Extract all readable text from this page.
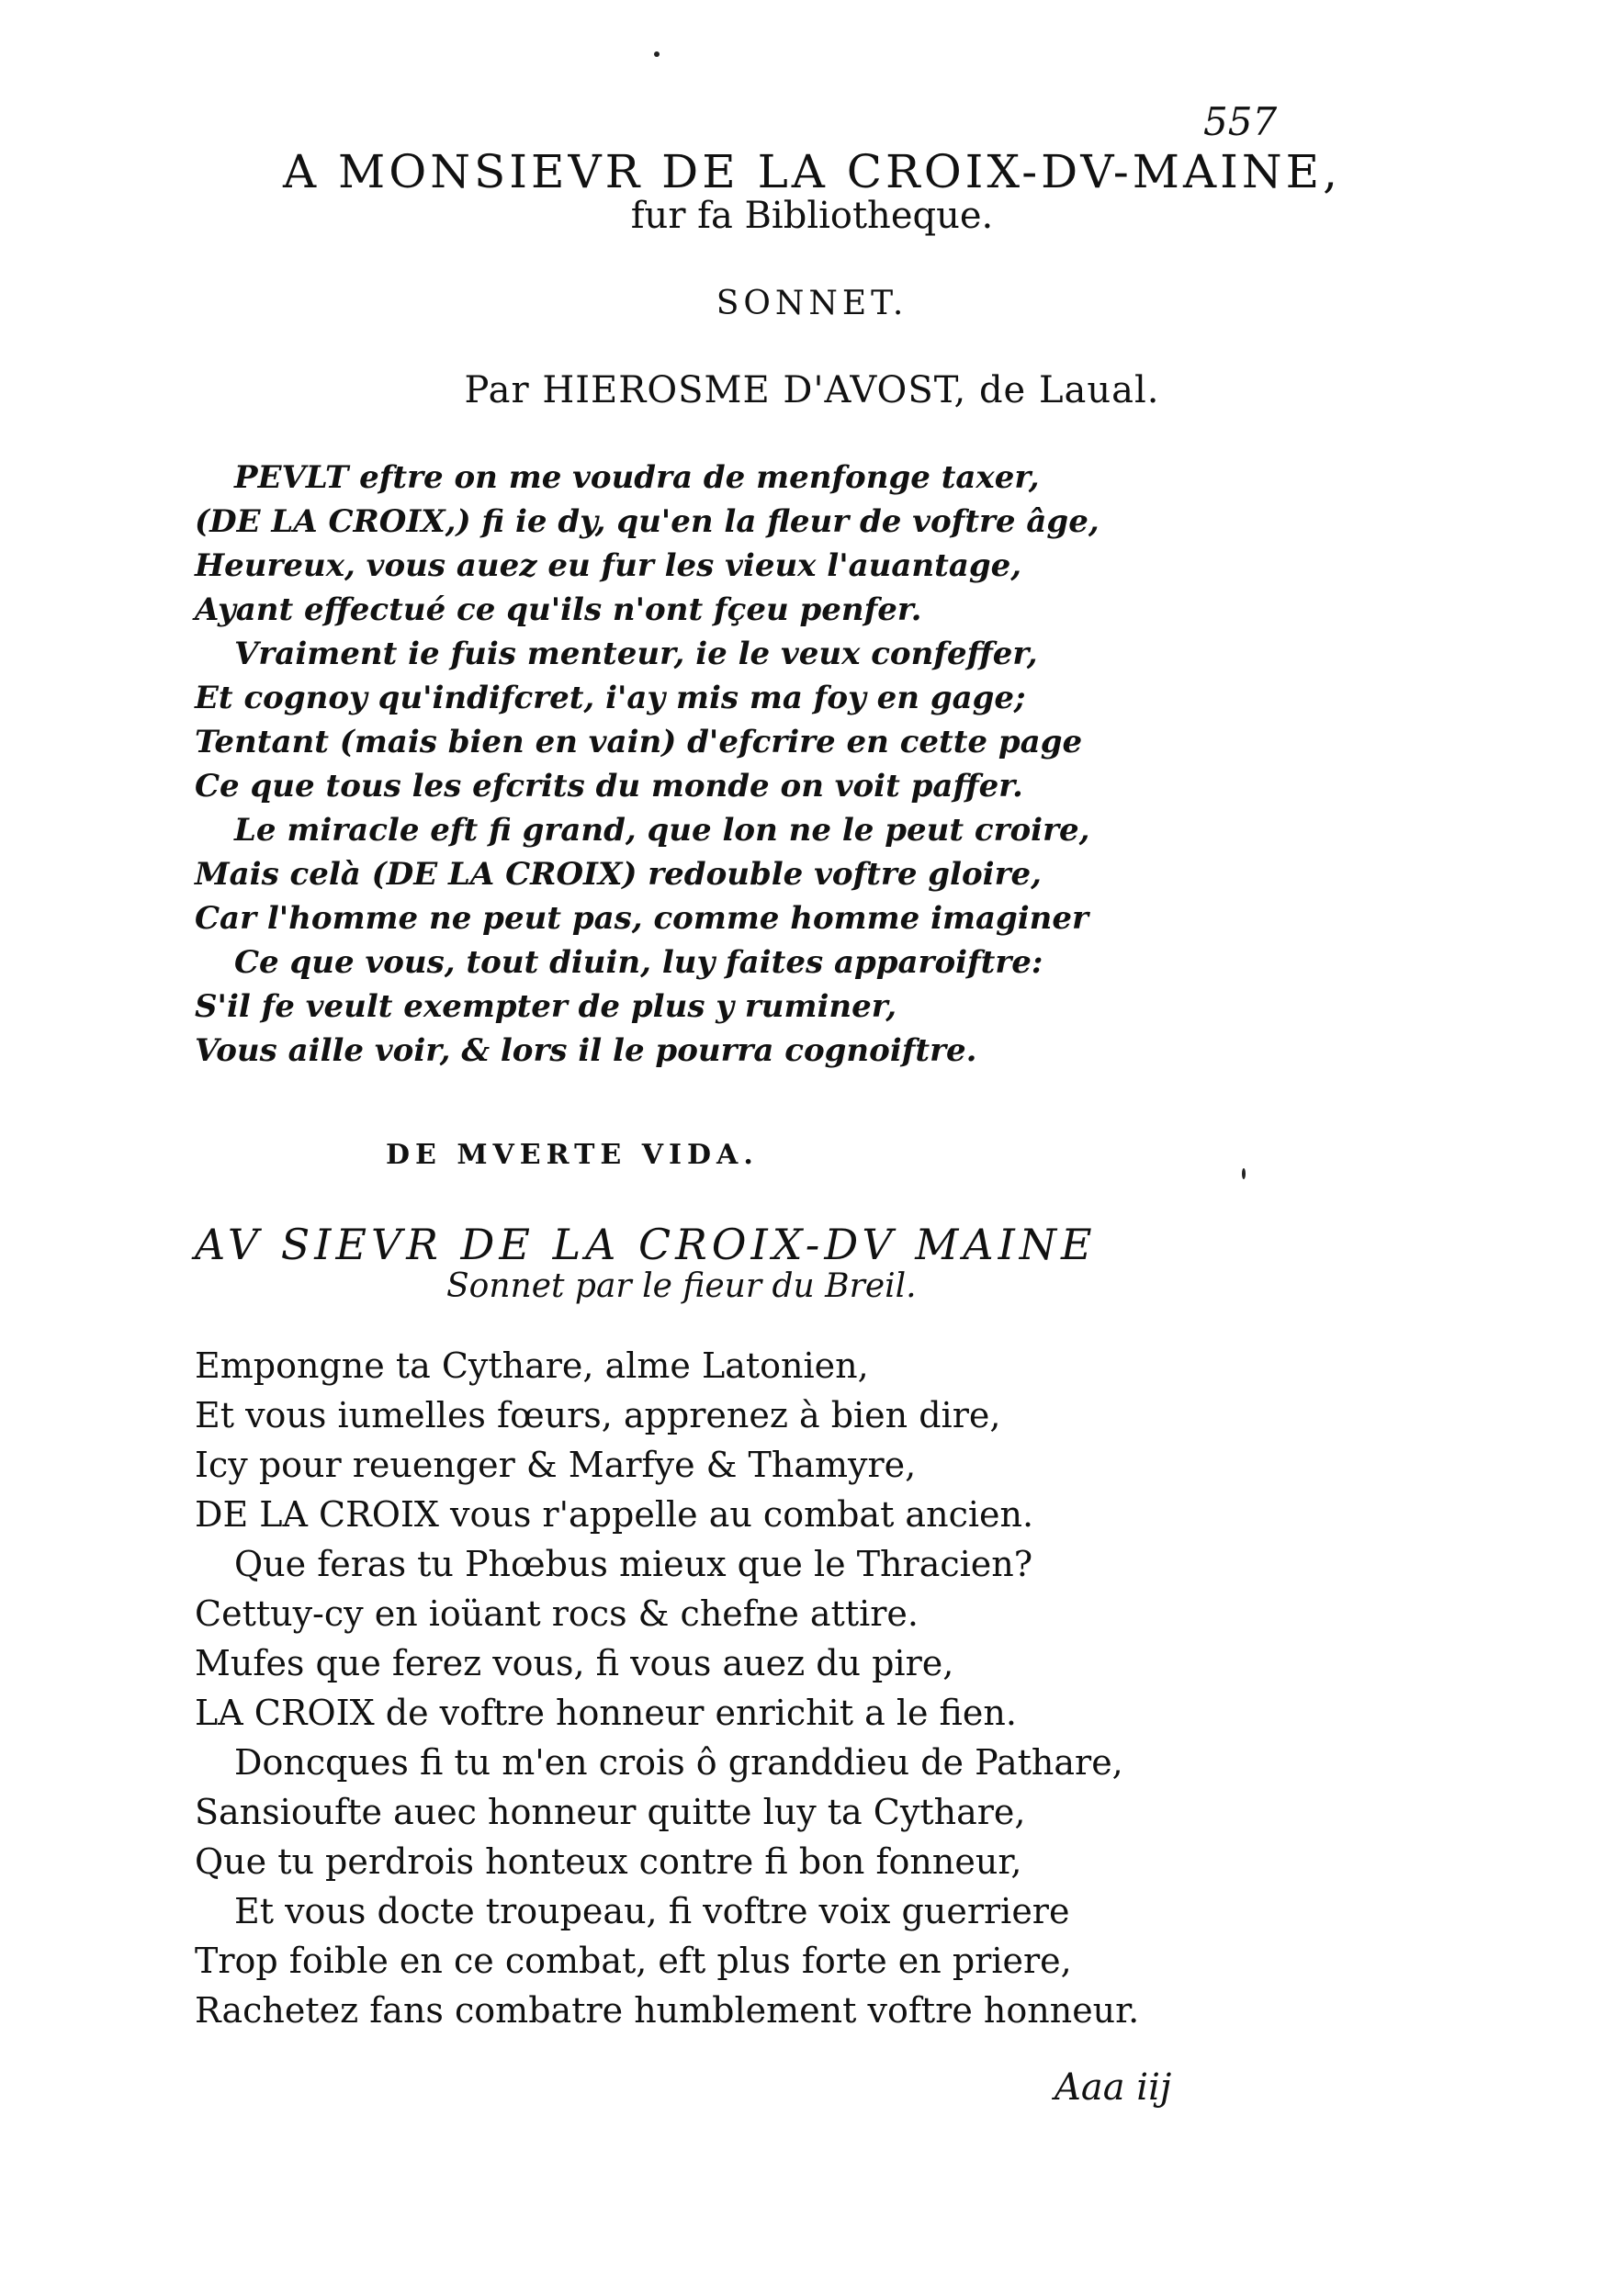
557
A MONSIEVR DE LA CROIX-DV-MAINE,
fur fa Bibliotheque.
SONNET.
Par HIEROSME D'AVOST, de Laual.
PEVLT eftre on me voudra de menfonge taxer,
(DE LA CROIX,) fi ie dy, qu'en la fleur de voftre âge,
Heureux, vous auez eu fur les vieux l'auantage,
Ayant effectué ce qu'ils n'ont fçeu penfer.
Vraiment ie fuis menteur, ie le veux confeffer,
Et cognoy qu'indifcret, i'ay mis ma foy en gage;
Tentant (mais bien en vain) d'efcrire en cette page
Ce que tous les efcrits du monde on voit paffer.
Le miracle eft fi grand, que lon ne le peut croire,
Mais celà (DE LA CROIX) redouble voftre gloire,
Car l'homme ne peut pas, comme homme imaginer
Ce que vous, tout diuin, luy faites apparoiftre:
S'il fe veult exempter de plus y ruminer,
Vous aille voir, & lors il le pourra cognoiftre.
DE MVERTE VIDA.
AV SIEVR DE LA CROIX-DV MAINE
Sonnet par le fieur du Breil.
Empongne ta Cythare, alme Latonien,
Et vous iumelles fœurs, apprenez à bien dire,
Icy pour reuenger & Marfye & Thamyre,
DE LA CROIX vous r'appelle au combat ancien.
Que feras tu Phœbus mieux que le Thracien?
Cettuy-cy en ioüant rocs & chefne attire.
Mufes que ferez vous, fi vous auez du pire,
LA CROIX de voftre honneur enrichit a le fien.
Doncques fi tu m'en crois ô granddieu de Pathare,
Sansioufte auec honneur quitte luy ta Cythare,
Que tu perdrois honteux contre fi bon fonneur,
Et vous docte troupeau, fi voftre voix guerriere
Trop foible en ce combat, eft plus forte en priere,
Rachetez fans combatre humblement voftre honneur.
Aaa iij
